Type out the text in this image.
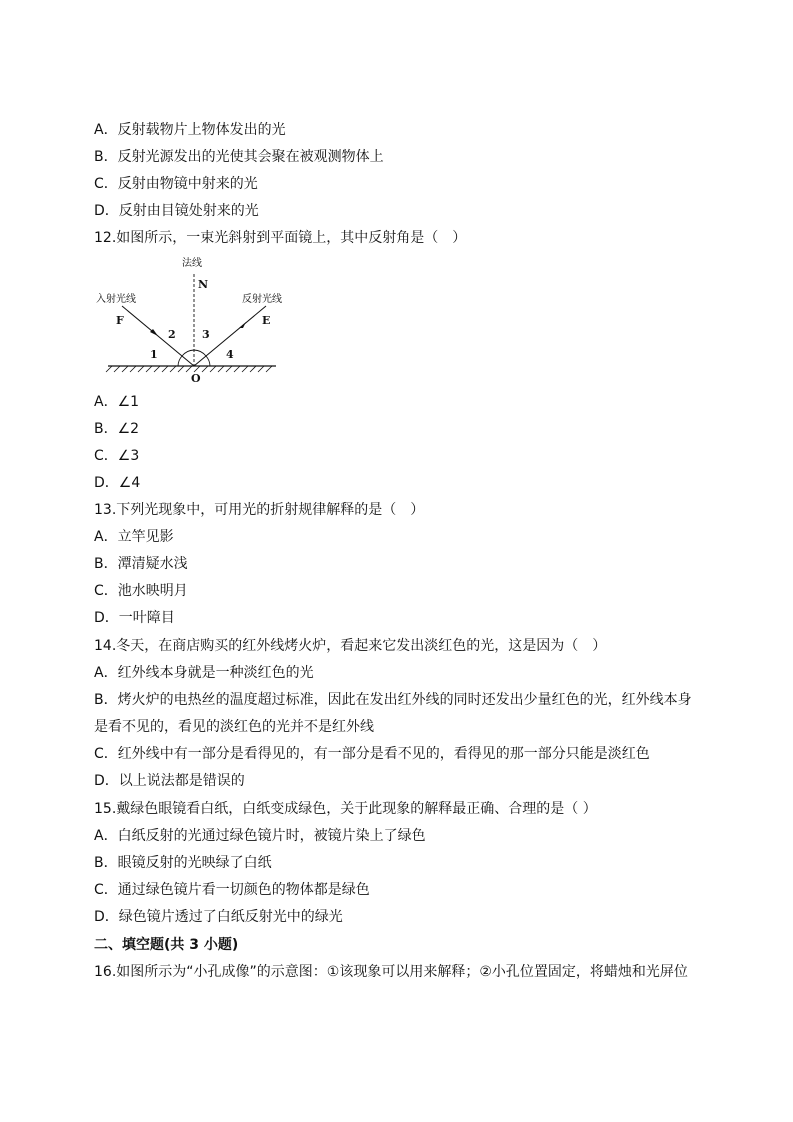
A．反射载物片上物体发出的光
B．反射光源发出的光使其会聚在被观测物体上
C．反射由物镜中射来的光
D．反射由目镜处射来的光
12.如图所示，一束光斜射到平面镜上，其中反射角是（　）
法线
N
入射光线	反射光线
F	E
O
1
2 3
4
A．∠1
B．∠2
C．∠3
D．∠4
13.下列光现象中，可用光的折射规律解释的是（　）
A．立竿见影
B．潭清疑水浅
C．池水映明月
D．一叶障目
14.冬天，在商店购买的红外线烤火炉，看起来它发出淡红色的光，这是因为（　）
A．红外线本身就是一种淡红色的光
B．烤火炉的电热丝的温度超过标准，因此在发出红外线的同时还发出少量红色的光，红外线本身
是看不见的，看见的淡红色的光并不是红外线
C．红外线中有一部分是看得见的，有一部分是看不见的，看得见的那一部分只能是淡红色
D．以上说法都是错误的
15.戴绿色眼镜看白纸，白纸变成绿色，关于此现象的解释最正确、合理的是（ ）
A．白纸反射的光通过绿色镜片时，被镜片染上了绿色
B．眼镜反射的光映绿了白纸
C．通过绿色镜片看一切颜色的物体都是绿色
D．绿色镜片透过了白纸反射光中的绿光
二、填空题(共 3 小题)
16.如图所示为“小孔成像”的示意图：①该现象可以用来解释；②小孔位置固定，将蜡烛和光屏位
